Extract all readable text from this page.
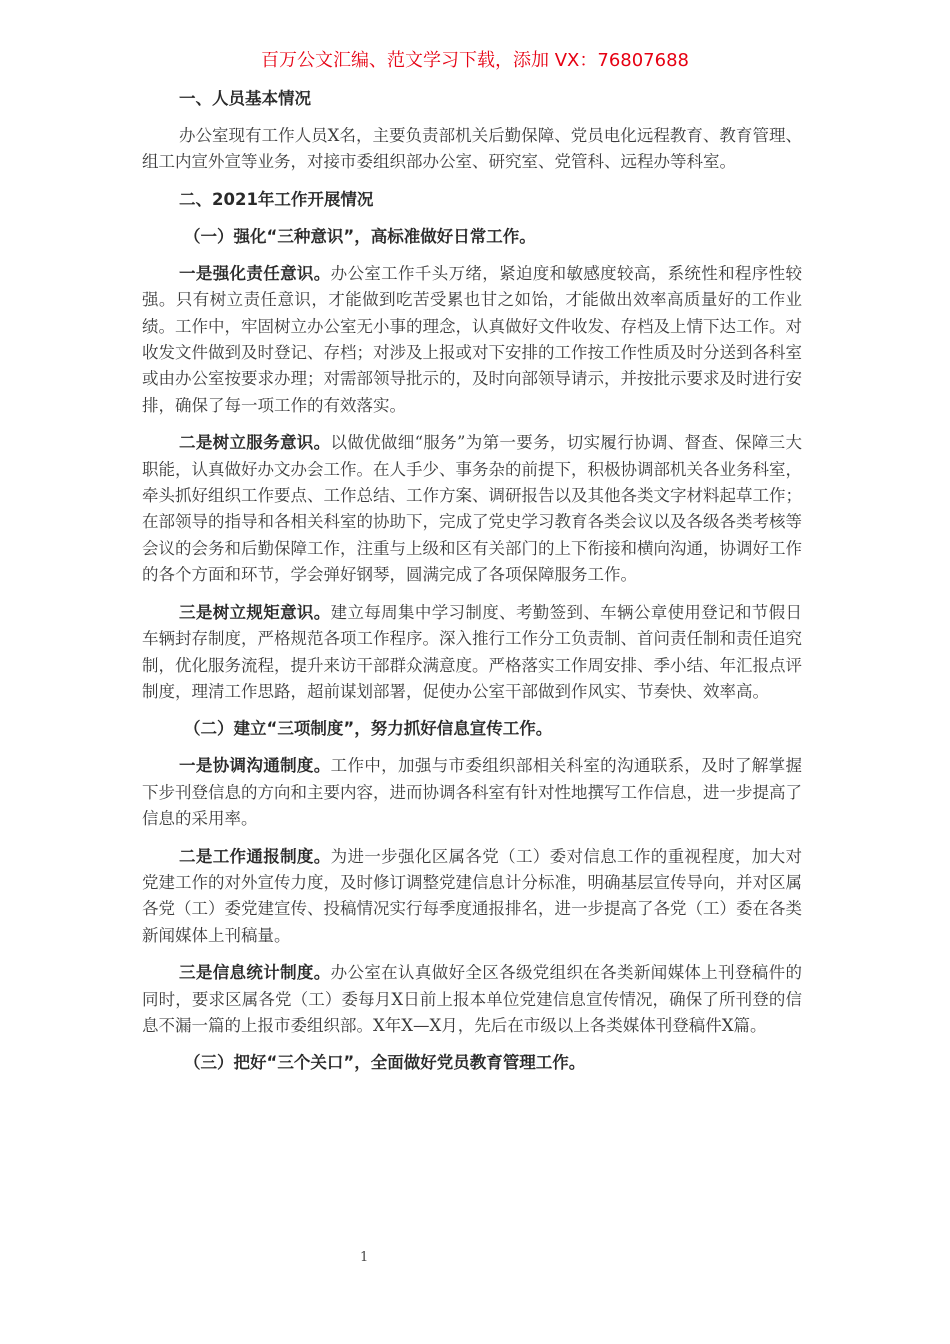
百万公文汇编、范文学习下载，添加 VX：76807688
一、人员基本情况

办公室现有工作人员X名，主要负责部机关后勤保障、党员电化远程教育、教育管理、组工内宣外宣等业务，对接市委组织部办公室、研究室、党管科、远程办等科室。

二、2021年工作开展情况
（一）强化“三种意识”，高标准做好日常工作。

一是强化责任意识。办公室工作千头万绪，紧迫度和敏感度较高，系统性和程序性较强。只有树立责任意识，才能做到吃苦受累也甘之如饴，才能做出效率高质量好的工作业绩。工作中，牢固树立办公室无小事的理念，认真做好文件收发、存档及上情下达工作。对收发文件做到及时登记、存档；对涉及上报或对下安排的工作按工作性质及时分送到各科室或由办公室按要求办理；对需部领导批示的，及时向部领导请示，并按批示要求及时进行安排，确保了每一项工作的有效落实。

二是树立服务意识。以做优做细“服务”为第一要务，切实履行协调、督查、保障三大职能，认真做好办文办会工作。在人手少、事务杂的前提下，积极协调部机关各业务科室，牵头抓好组织工作要点、工作总结、工作方案、调研报告以及其他各类文字材料起草工作；在部领导的指导和各相关科室的协助下，完成了党史学习教育各类会议以及各级各类考核等会议的会务和后勤保障工作，注重与上级和区有关部门的上下衔接和横向沟通，协调好工作的各个方面和环节，学会弹好钢琴，圆满完成了各项保障服务工作。

三是树立规矩意识。建立每周集中学习制度、考勤签到、车辆公章使用登记和节假日车辆封存制度，严格规范各项工作程序。深入推行工作分工负责制、首问责任制和责任追究制，优化服务流程，提升来访干部群众满意度。严格落实工作周安排、季小结、年汇报点评制度，理清工作思路，超前谋划部署，促使办公室干部做到作风实、节奏快、效率高。

（二）建立“三项制度”，努力抓好信息宣传工作。

一是协调沟通制度。工作中，加强与市委组织部相关科室的沟通联系，及时了解掌握下步刊登信息的方向和主要内容，进而协调各科室有针对性地撰写工作信息，进一步提高了信息的采用率。

二是工作通报制度。为进一步强化区属各党（工）委对信息工作的重视程度，加大对党建工作的对外宣传力度，及时修订调整党建信息计分标准，明确基层宣传导向，并对区属各党（工）委党建宣传、投稿情况实行每季度通报排名，进一步提高了各党（工）委在各类新闻媒体上刊稿量。

三是信息统计制度。办公室在认真做好全区各级党组织在各类新闻媒体上刊登稿件的同时，要求区属各党（工）委每月X日前上报本单位党建信息宣传情况，确保了所刊登的信息不漏一篇的上报市委组织部。X年X—X月，先后在市级以上各类媒体刊登稿件X篇。

（三）把好“三个关口”，全面做好党员教育管理工作。
1
